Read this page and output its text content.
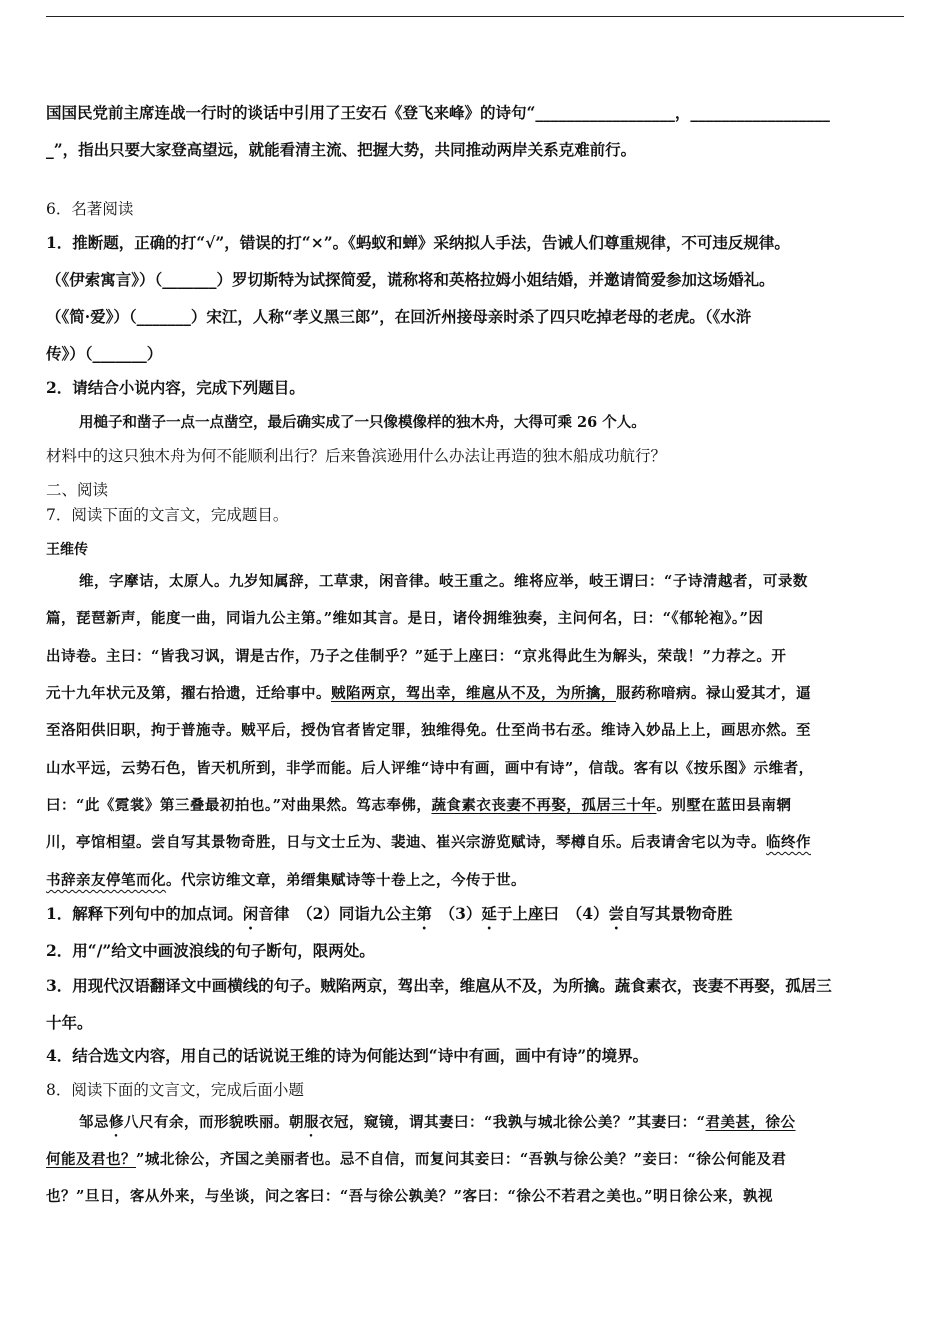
国国民党前主席连战一行时的谈话中引用了王安石《登飞来峰》的诗句“__________________，__________________
_”，指出只要大家登高望远，就能看清主流、把握大势，共同推动两岸关系克难前行。
6．名著阅读
1．推断题，正确的打“√”，错误的打“×”。《蚂蚁和蝉》采纳拟人手法，告诫人们尊重规律，不可违反规律。
（《伊索寓言》）（_______）罗切斯特为试探简爱，谎称将和英格拉姆小姐结婚，并邀请简爱参加这场婚礼。
（《简·爱》）（_______）宋江，人称“孝义黑三郎”，在回沂州接母亲时杀了四只吃掉老母的老虎。（《水浒
传》）（_______）
2．请结合小说内容，完成下列题目。
用槌子和凿子一点一点凿空，最后确实成了一只像模像样的独木舟，大得可乘 26 个人。
材料中的这只独木舟为何不能顺利出行？后来鲁滨逊用什么办法让再造的独木船成功航行？
二、阅读
7．阅读下面的文言文，完成题目。
王维传
维，字摩诘，太原人。九岁知属辞，工草隶，闲音律。岐王重之。维将应举，岐王谓曰：“子诗清越者，可录数
篇，琵琶新声，能度一曲，同诣九公主第。”维如其言。是日，诸伶拥维独奏，主问何名，曰：“《郁轮袍》。”因
出诗卷。主曰：“皆我习讽，谓是古作，乃子之佳制乎？”延于上座曰：“京兆得此生为解头，荣哉！”力荐之。开
元十九年状元及第，擢右拾遗，迁给事中。贼陷两京，驾出幸，维扈从不及，为所擒，服药称喑病。禄山爱其才，逼
至洛阳供旧职，拘于普施寺。贼平后，授伪官者皆定罪，独维得免。仕至尚书右丞。维诗入妙品上上，画思亦然。至
山水平远，云势石色，皆天机所到，非学而能。后人评维“诗中有画，画中有诗”，信哉。客有以《按乐图》示维者，
曰：“此《霓裳》第三叠最初拍也。”对曲果然。笃志奉佛，蔬食素衣丧妻不再娶，孤居三十年。别墅在蓝田县南辋
川，亭馆相望。尝自写其景物奇胜，日与文士丘为、裴迪、崔兴宗游览赋诗，琴樽自乐。后表请舍宅以为寺。临终作
书辞亲友停笔而化。代宗访维文章，弟缙集赋诗等十卷上之，今传于世。
1．解释下列句中的加点词。闲音律　（2）同诣九公主第　（3）延于上座曰　（4）尝自写其景物奇胜
2．用“/”给文中画波浪线的句子断句，限两处。
3．用现代汉语翻译文中画横线的句子。贼陷两京，驾出幸，维扈从不及，为所擒。蔬食素衣，丧妻不再娶，孤居三
十年。
4．结合选文内容，用自己的话说说王维的诗为何能达到“诗中有画，画中有诗”的境界。
8．阅读下面的文言文，完成后面小题
邹忌修八尺有余，而形貌昳丽。朝服衣冠，窥镜，谓其妻曰：“我孰与城北徐公美？”其妻曰：“君美甚，徐公
何能及君也？”城北徐公，齐国之美丽者也。忌不自信，而复问其妾曰：“吾孰与徐公美？”妾曰：“徐公何能及君
也？”旦日，客从外来，与坐谈，问之客曰：“吾与徐公孰美？”客曰：“徐公不若君之美也。”明日徐公来，孰视
